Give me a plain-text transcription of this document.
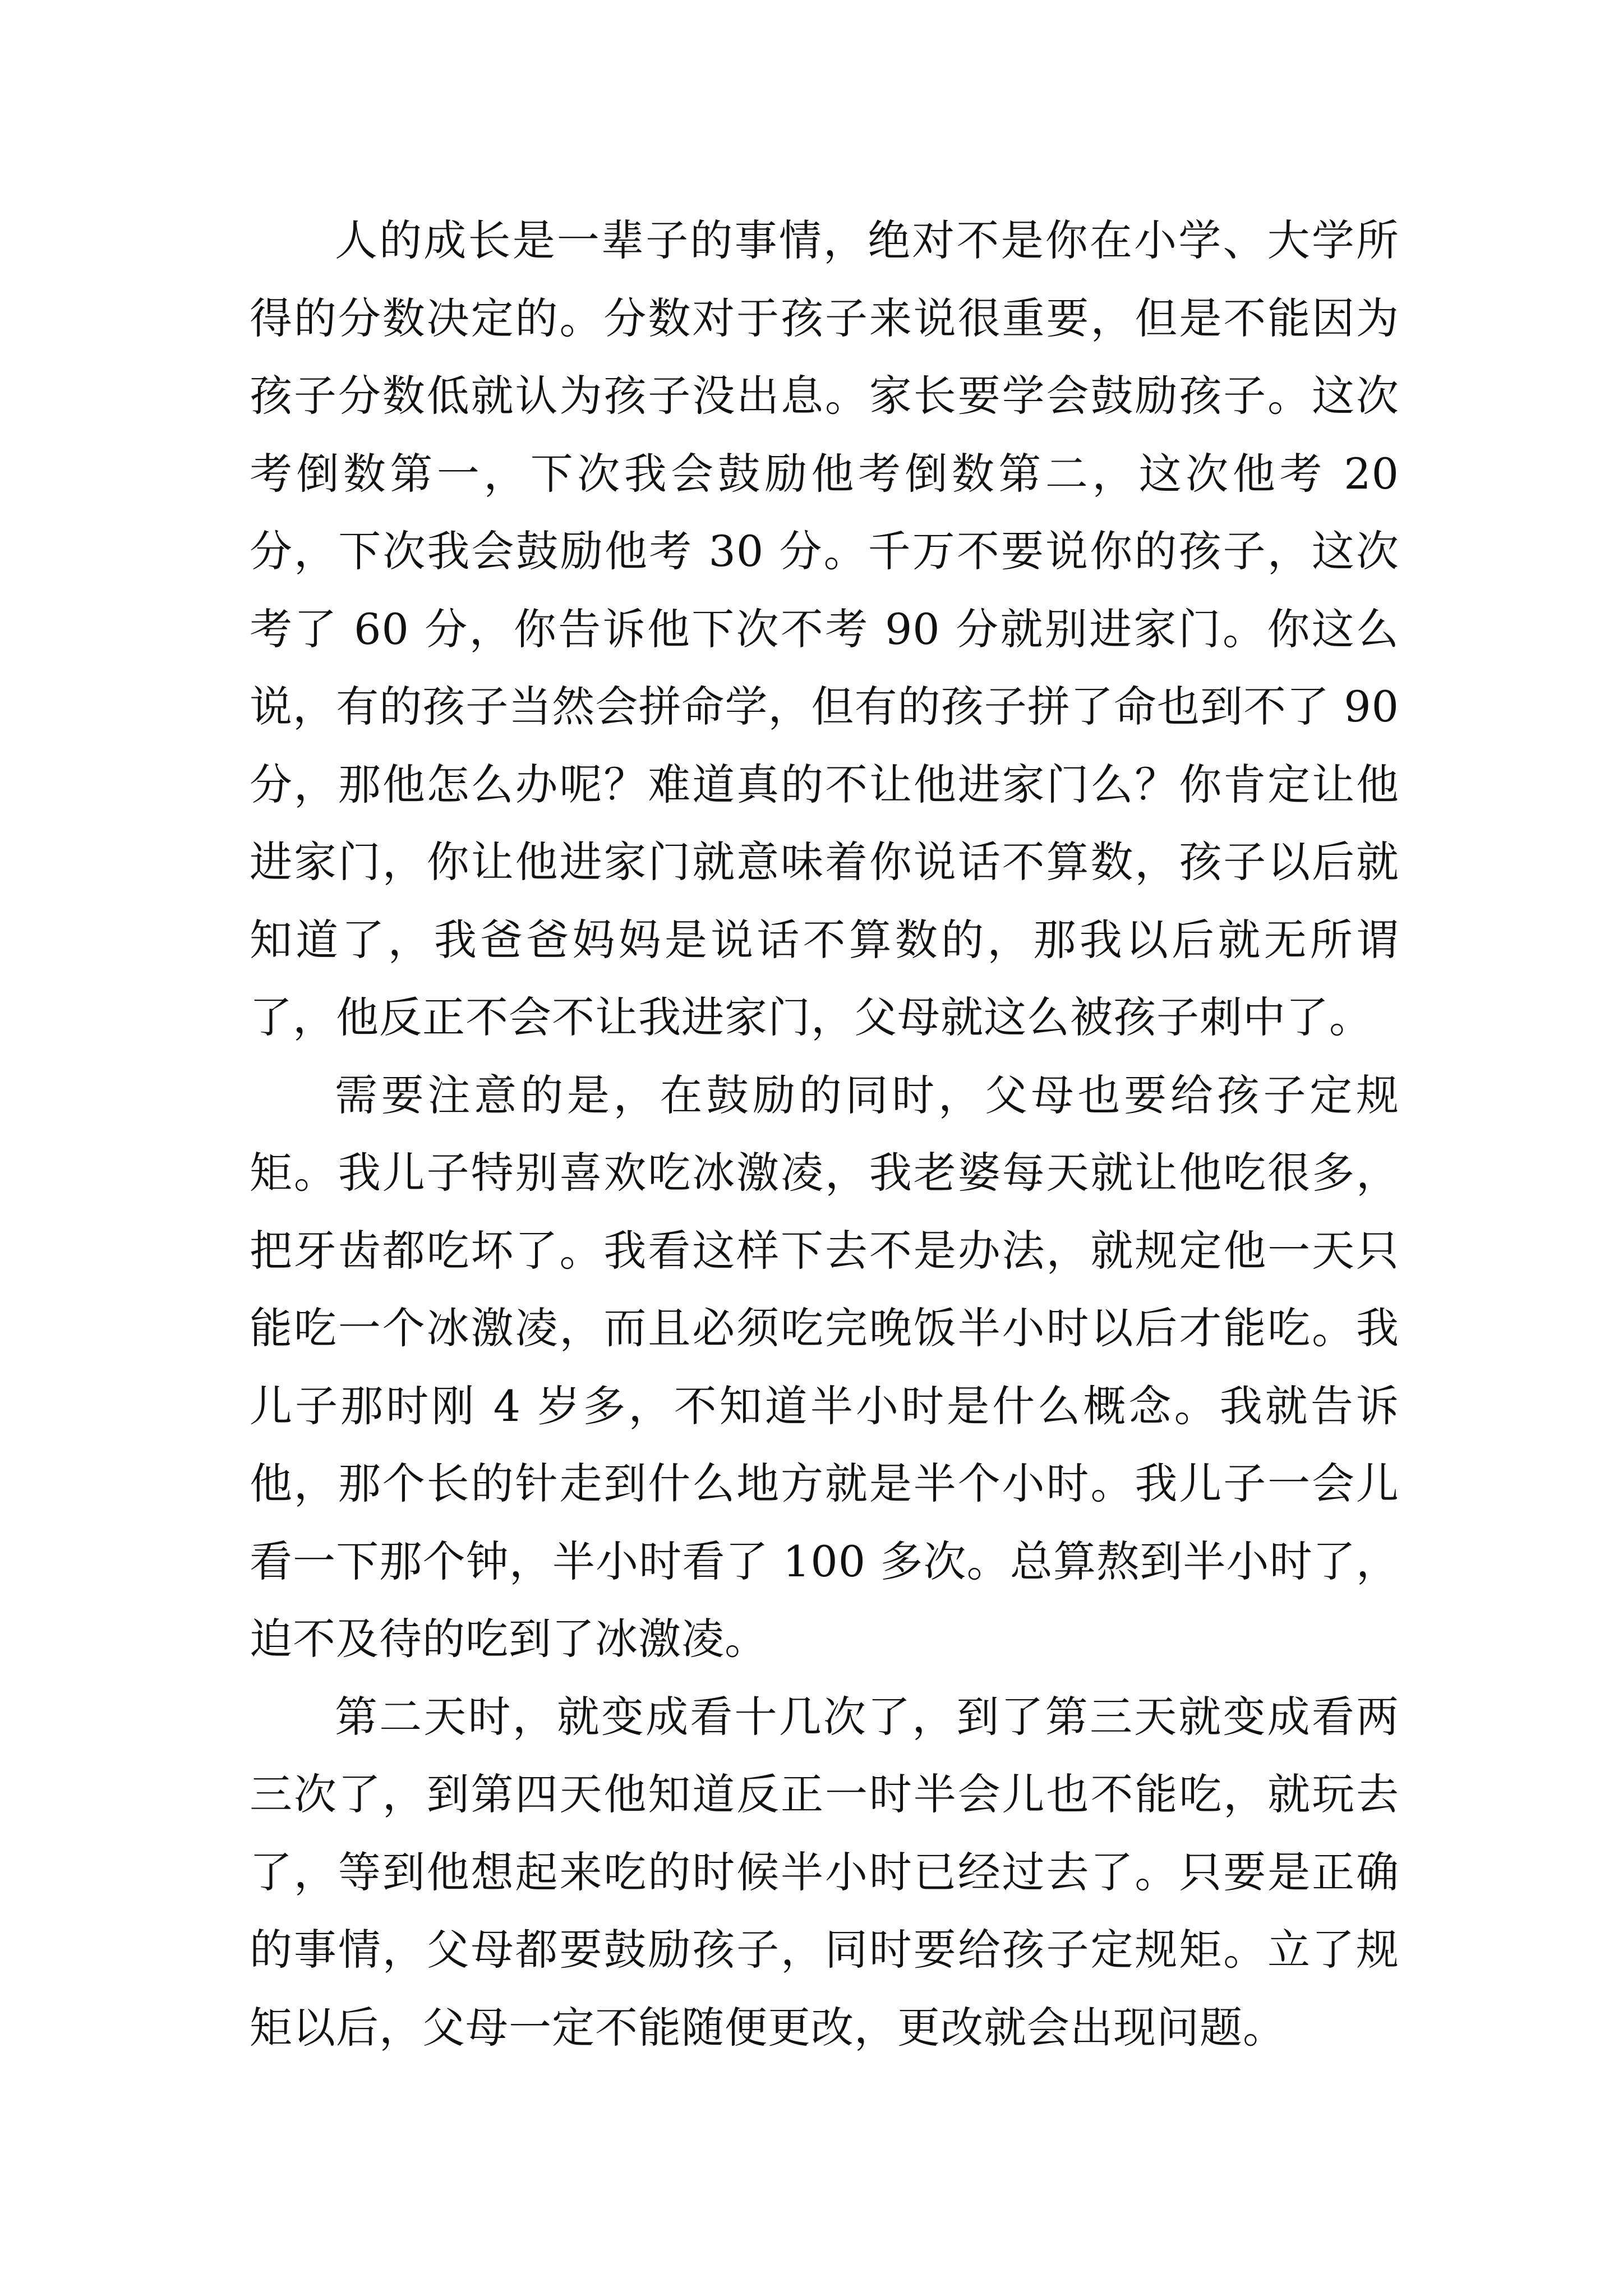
人的成长是一辈子的事情，绝对不是你在小学、大学所得的分数决定的。分数对于孩子来说很重要，但是不能因为孩子分数低就认为孩子没出息。家长要学会鼓励孩子。这次考倒数第一，下次我会鼓励他考倒数第二，这次他考 20 分，下次我会鼓励他考 30 分。千万不要说你的孩子，这次考了 60 分，你告诉他下次不考 90 分就别进家门。你这么说，有的孩子当然会拼命学，但有的孩子拼了命也到不了 90 分，那他怎么办呢？难道真的不让他进家门么？你肯定让他进家门，你让他进家门就意味着你说话不算数，孩子以后就知道了，我爸爸妈妈是说话不算数的，那我以后就无所谓了，他反正不会不让我进家门，父母就这么被孩子刺中了。

需要注意的是，在鼓励的同时，父母也要给孩子定规矩。我儿子特别喜欢吃冰激凌，我老婆每天就让他吃很多，把牙齿都吃坏了。我看这样下去不是办法，就规定他一天只能吃一个冰激凌，而且必须吃完晚饭半小时以后才能吃。我儿子那时刚 4 岁多，不知道半小时是什么概念。我就告诉他，那个长的针走到什么地方就是半个小时。我儿子一会儿看一下那个钟，半小时看了 100 多次。总算熬到半小时了，迫不及待的吃到了冰激凌。

第二天时，就变成看十几次了，到了第三天就变成看两三次了，到第四天他知道反正一时半会儿也不能吃，就玩去了，等到他想起来吃的时候半小时已经过去了。只要是正确的事情，父母都要鼓励孩子，同时要给孩子定规矩。立了规矩以后，父母一定不能随便更改，更改就会出现问题。
